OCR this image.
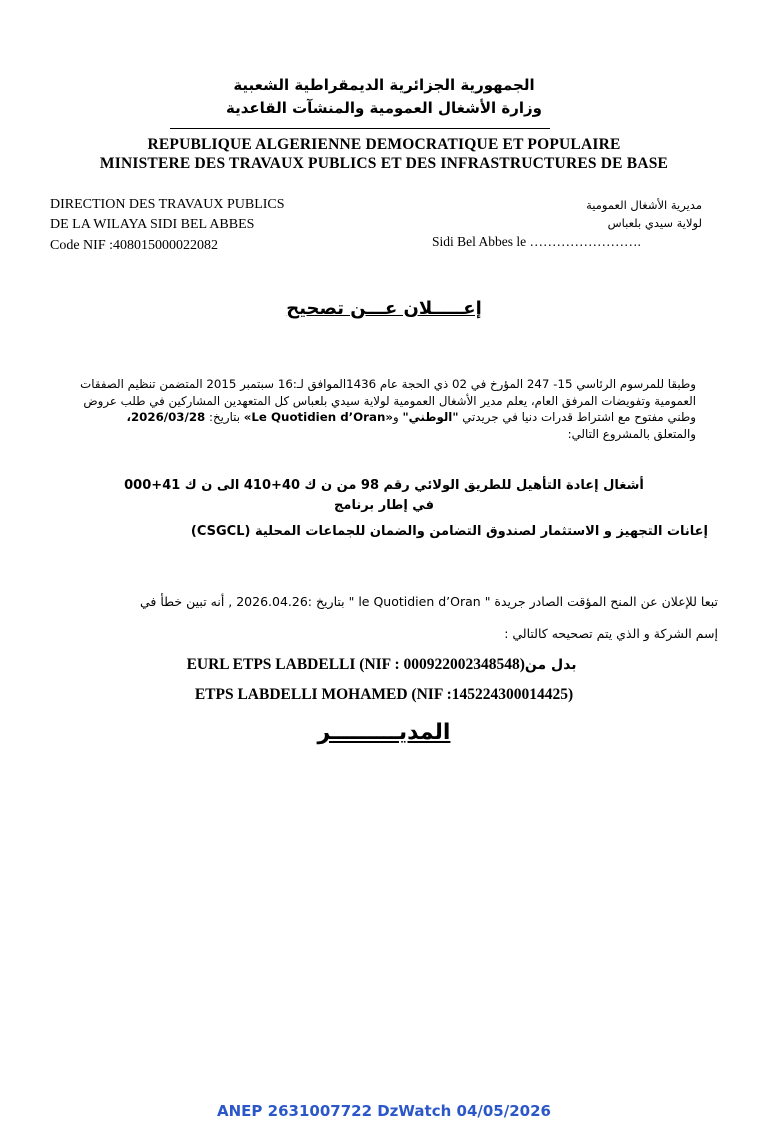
الجمهورية الجزائرية الديمقراطية الشعبية
وزارة الأشغال العمومية والمنشآت القاعدية
REPUBLIQUE ALGERIENNE DEMOCRATIQUE ET POPULAIRE
MINISTERE DES TRAVAUX PUBLICS ET DES INFRASTRUCTURES DE BASE
DIRECTION DES TRAVAUX PUBLICS
DE LA WILAYA SIDI BEL ABBES
Code NIF :408015000022082
مديرية الأشغال العمومية
لولاية سيدي بلعباس
Sidi Bel Abbes le …………………….
إعـــــلان عـــن تصحيح
وطبقا للمرسوم الرئاسي 15- 247 المؤرخ في 02 ذي الحجة عام 1436الموافق لـ:16 سبتمبر 2015 المتضمن تنظيم الصفقات
العمومية وتفويضات المرفق العام، يعلم مدير الأشغال العمومية لولاية سيدي بلعباس كل المتعهدين المشاركين في طلب عروض
وطني مفتوح مع اشتراط قدرات دنيا في جريدتي "الوطني" و«Le Quotidien d’Oran» بتاريخ: 2026/03/28،
والمتعلق بالمشروع التالي:
أشغال إعادة التأهيل للطريق الولائي رقم 98 من ن ك 40+410 الى ن ك 41+000
في إطار برنامج
إعانات التجهيز و الاستثمار لصندوق التضامن والضمان للجماعات المحلية (CSGCL)
تبعا للإعلان عن المنح المؤقت الصادر جريدة " le Quotidien d’Oran " بتاريخ :2026.04.26 , أنه تبين خطأ في
إسم الشركة و الذي يتم تصحيحه كالتالي :
EURL ETPS LABDELLI (NIF : 000922002348548) بدل من
ETPS LABDELLI MOHAMED (NIF :145224300014425)
المديـــــــــر
ANEP 2631007722 DzWatch 04/05/2026
